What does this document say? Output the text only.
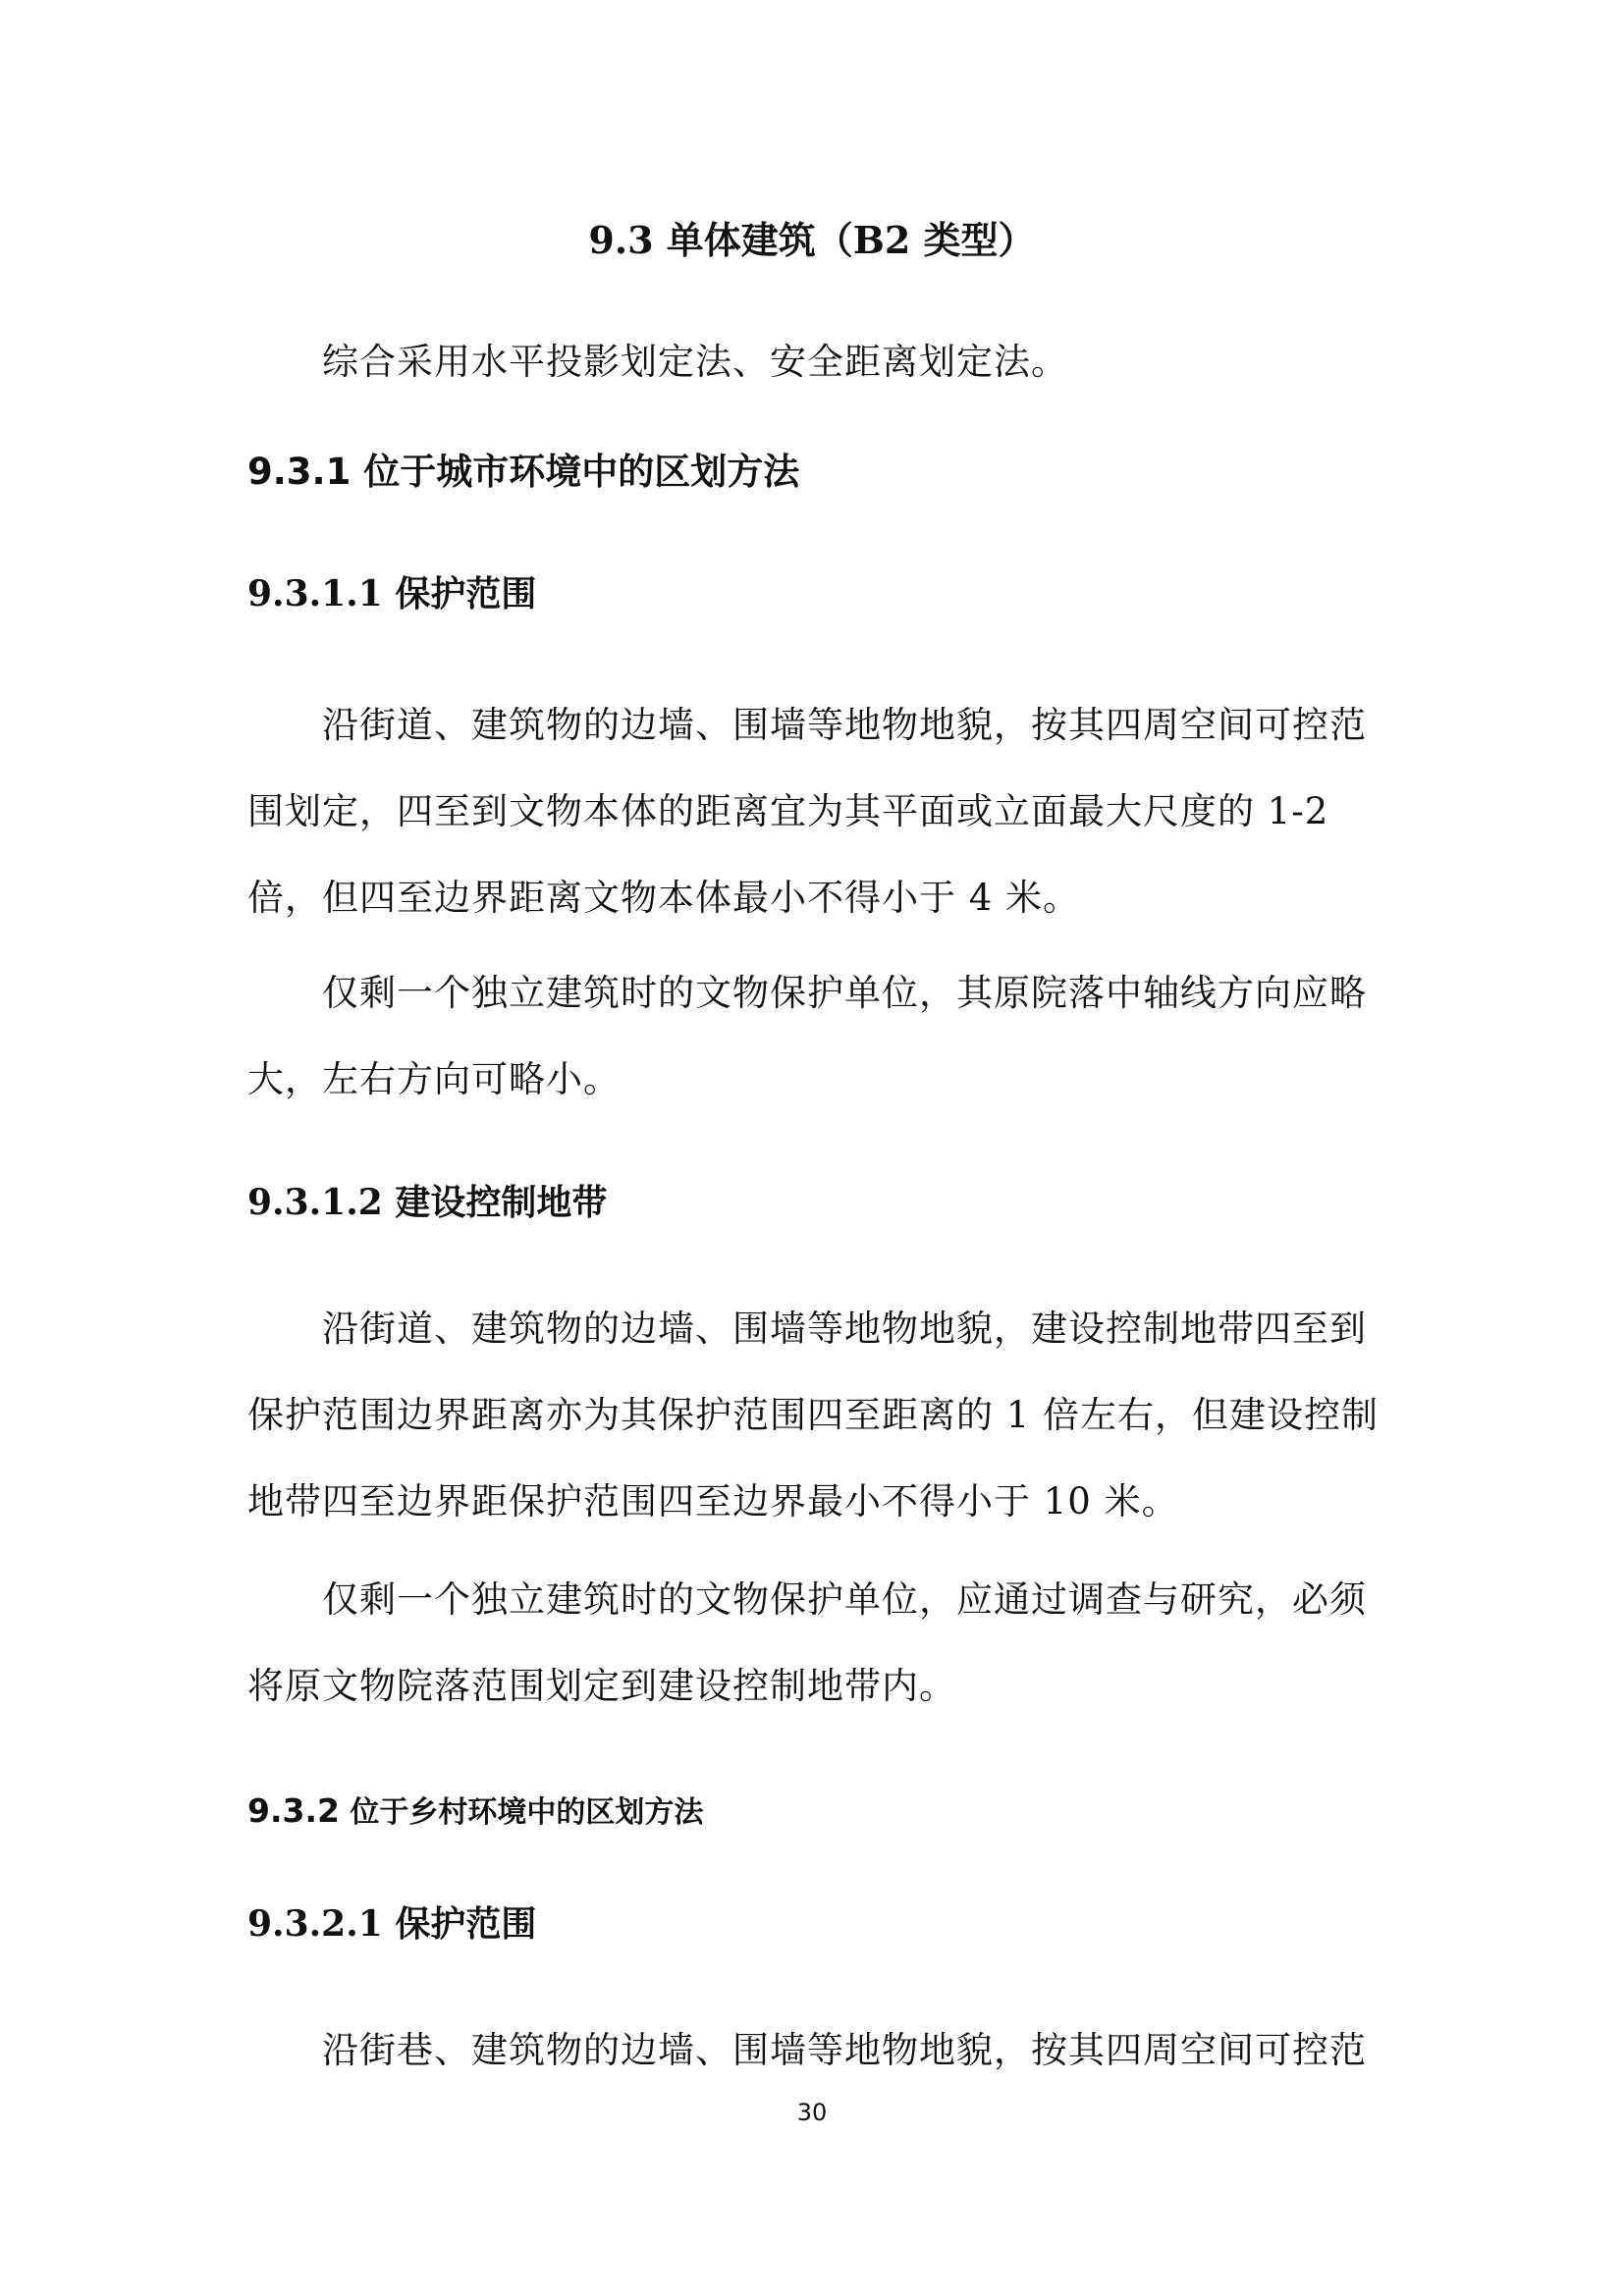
9.3 单体建筑（B2 类型）

综合采用水平投影划定法、安全距离划定法。

9.3.1 位于城市环境中的区划方法
9.3.1.1 保护范围

沿街道、建筑物的边墙、围墙等地物地貌，按其四周空间可控范
围划定，四至到文物本体的距离宜为其平面或立面最大尺度的 1-2
倍，但四至边界距离文物本体最小不得小于 4 米。

仅剩一个独立建筑时的文物保护单位，其原院落中轴线方向应略
大，左右方向可略小。

9.3.1.2 建设控制地带

沿街道、建筑物的边墙、围墙等地物地貌，建设控制地带四至到
保护范围边界距离亦为其保护范围四至距离的 1 倍左右，但建设控制
地带四至边界距保护范围四至边界最小不得小于 10 米。

仅剩一个独立建筑时的文物保护单位，应通过调查与研究，必须
将原文物院落范围划定到建设控制地带内。

9.3.2 位于乡村环境中的区划方法
9.3.2.1 保护范围

沿街巷、建筑物的边墙、围墙等地物地貌，按其四周空间可控范

30
